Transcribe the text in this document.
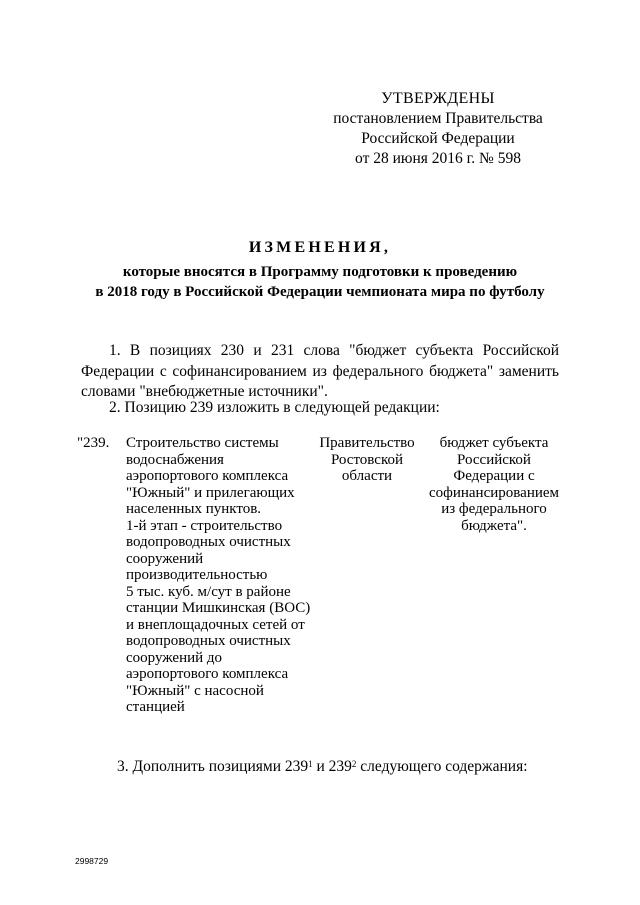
УТВЕРЖДЕНЫ
постановлением Правительства
Российской Федерации
от 28 июня 2016 г. № 598
ИЗМЕНЕНИЯ,
которые вносятся в Программу подготовки к проведению
в 2018 году в Российской Федерации чемпионата мира по футболу
1. В позициях 230 и 231 слова "бюджет субъекта Российской Федерации с софинансированием из федерального бюджета" заменить словами "внебюджетные источники".
2. Позицию 239 изложить в следующей редакции:
"239. Строительство системы
водоснабжения
аэропортового комплекса
"Южный" и прилегающих
населенных пунктов.
1-й этап - строительство
водопроводных очистных
сооружений
производительностью
5 тыс. куб. м/сут в районе
станции Мишкинская (ВОС)
и внеплощадочных сетей от
водопроводных очистных
сооружений до
аэропортового комплекса
"Южный" с насосной
станцией
Правительство
Ростовской
области
бюджет субъекта
Российской
Федерации с
софинансированием
из федерального
бюджета".
3. Дополнить позициями $239^1$ и $239^2$ следующего содержания:
2998729
